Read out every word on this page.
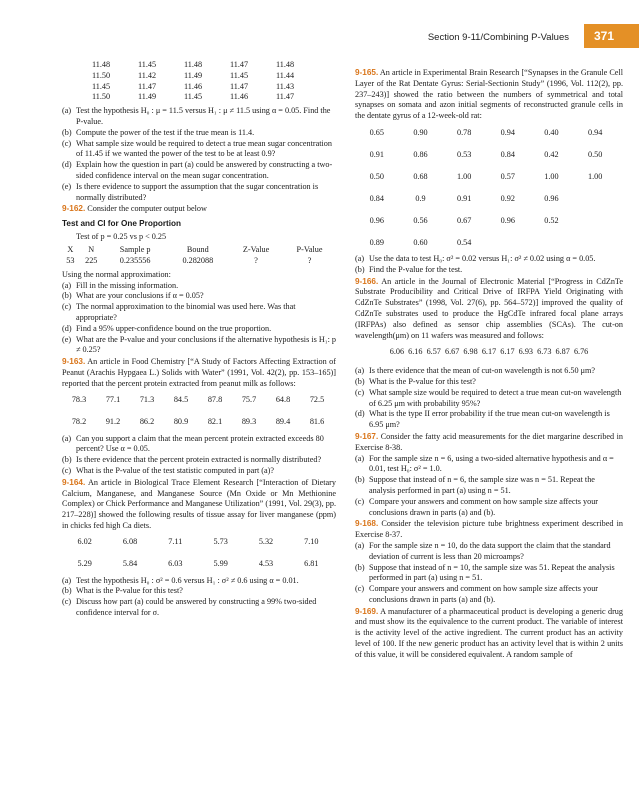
Section 9-11/Combining P-Values	371
11.48	11.45	11.48	11.47	11.48
11.50	11.42	11.49	11.45	11.44
11.45	11.47	11.46	11.47	11.43
11.50	11.49	11.45	11.46	11.47
(a) Test the hypothesis H₀ : μ = 11.5 versus H₁ : μ ≠ 11.5 using α = 0.05. Find the P-value.
(b) Compute the power of the test if the true mean is 11.4.
(c) What sample size would be required to detect a true mean sugar concentration of 11.45 if we wanted the power of the test to be at least 0.9?
(d) Explain how the question in part (a) could be answered by constructing a two-sided confidence interval on the mean sugar concentration.
(e) Is there evidence to support the assumption that the sugar concentration is normally distributed?

9-162. Consider the computer output below

Test and CI for One Proportion
Test of p = 0.25 vs p < 0.25
X	N	Sample p	Bound	Z-Value	P-Value
53	225	0.235556	0.282088	?	?
Using the normal approximation:
(a) Fill in the missing information.
(b) What are your conclusions if α = 0.05?
(c) The normal approximation to the binomial was used here. Was that appropriate?
(d) Find a 95% upper-confidence bound on the true proportion.
(e) What are the P-value and your conclusions if the alternative hypothesis is H₁: p ≠ 0.25?

9-163. An article in Food Chemistry [“A Study of Factors Affecting Extraction of Peanut (Arachis Hypgaea L.) Solids with Water” (1991, Vol. 42(2), pp. 153–165)] reported that the percent protein extracted from peanut milk as follows:

78.3	77.1	71.3	84.5	87.8	75.7	64.8	72.5
78.2	91.2	86.2	80.9	82.1	89.3	89.4	81.6
(a) Can you support a claim that the mean percent protein extracted exceeds 80 percent? Use α = 0.05.
(b) Is there evidence that the percent protein extracted is normally distributed?
(c) What is the P-value of the test statistic computed in part (a)?

9-164. An article in Biological Trace Element Research [“Interaction of Dietary Calcium, Manganese, and Manganese Source (Mn Oxide or Mn Methionine Complex) or Chick Performance and Manganese Utilization” (1991, Vol. 29(3), pp. 217–228)] showed the following results of tissue assay for liver manganese (ppm) in chicks fed high Ca diets.

6.02	6.08	7.11	5.73	5.32	7.10
5.29	5.84	6.03	5.99	4.53	6.81
(a) Test the hypothesis H₀ : σ² = 0.6 versus H₁ : σ² ≠ 0.6 using α = 0.01.
(b) What is the P-value for this test?
(c) Discuss how part (a) could be answered by constructing a 99% two-sided confidence interval for σ.

9-165. An article in Experimental Brain Research [“Synapses in the Granule Cell Layer of the Rat Dentate Gyrus: Serial-Sectionin Study” (1996, Vol. 112(2), pp. 237–243)] showed the ratio between the numbers of symmetrical and total synapses on somata and azon initial segments of reconstructed granule cells in the dentate gyrus of a 12-week-old rat:

0.65	0.90	0.78	0.94	0.40	0.94
0.91	0.86	0.53	0.84	0.42	0.50
0.50	0.68	1.00	0.57	1.00	1.00
0.84	0.9	0.91	0.92	0.96	
0.96	0.56	0.67	0.96	0.52	
0.89	0.60	0.54			
(a) Use the data to test H₀: σ² = 0.02 versus H₁: σ² ≠ 0.02 using α = 0.05.
(b) Find the P-value for the test.

9-166. An article in the Journal of Electronic Material [“Progress in CdZnTe Substrate Producibility and Critical Drive of IRFPA Yield Originating with CdZnTe Substrates” (1998, Vol. 27(6), pp. 564–572)] improved the quality of CdZnTe substrates used to produce the HgCdTe infrared focal plane arrays (IRFPAs) also defined as sensor chip assemblies (SCAs). The cut-on wavelength(μm) on 11 wafers was measured and follows:

6.06  6.16  6.57  6.67  6.98  6.17  6.17  6.93  6.73  6.87  6.76
(a) Is there evidence that the mean of cut-on wavelength is not 6.50 μm?
(b) What is the P-value for this test?
(c) What sample size would be required to detect a true mean cut-on wavelength of 6.25 μm with probability 95%?
(d) What is the type II error probability if the true mean cut-on wavelength is 6.95 μm?

9-167. Consider the fatty acid measurements for the diet margarine described in Exercise 8-38.

(a) For the sample size n = 6, using a two-sided alternative hypothesis and α = 0.01, test H₀: σ² = 1.0.
(b) Suppose that instead of n = 6, the sample size was n = 51. Repeat the analysis performed in part (a) using n = 51.
(c) Compare your answers and comment on how sample size affects your conclusions drawn in parts (a) and (b).

9-168. Consider the television picture tube brightness experiment described in Exercise 8-37.

(a) For the sample size n = 10, do the data support the claim that the standard deviation of current is less than 20 microamps?
(b) Suppose that instead of n = 10, the sample size was 51. Repeat the analysis performed in part (a) using n = 51.
(c) Compare your answers and comment on how sample size affects your conclusions drawn in parts (a) and (b).

9-169. A manufacturer of a pharmaceutical product is developing a generic drug and must show its the equivalence to the current product. The variable of interest is the activity level of the active ingredient. The current product has an activity level of 100. If the new generic product has an activity level that is within 2 units of this value, it will be considered equivalent. A random sample of
